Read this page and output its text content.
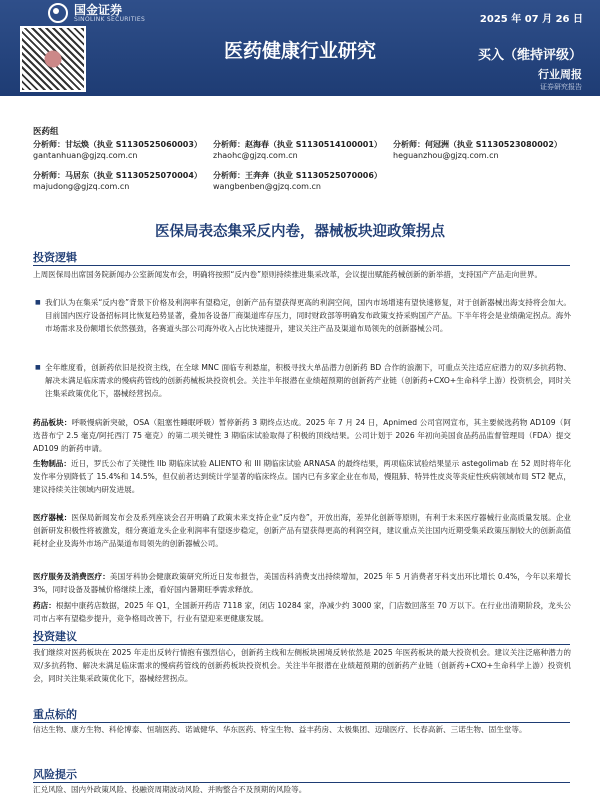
国金证券
SINOLINK SECURITIES	2025 年 07 月 26 日
医药健康行业研究	买入（维持评级）
行业周报
证券研究报告
医药组
分析师：甘坛焕（执业 S1130525060003）
gantanhuan@gjzq.com.cn
分析师：赵海春（执业 S1130514100001）
zhaohc@gjzq.com.cn
分析师：何冠洲（执业 S1130523080002）
heguanzhou@gjzq.com.cn
分析师：马居东（执业 S1130525070004）
majudong@gjzq.com.cn
分析师：王奔奔（执业 S1130525070006）
wangbenben@gjzq.com.cn
医保局表态集采反内卷，器械板块迎政策拐点
投资逻辑
上周医保局出席国务院新闻办公室新闻发布会，明确将按照“反内卷”原则持续推进集采改革，会议提出赋能药械创新的新举措，支持国产产品走向世界。
■ 我们认为在集采“反内卷”背景下价格及利润率有望稳定，创新产品有望获得更高的利润空间，国内市场增速有望快速修复，对于创新器械出海支持将会加大。目前国内医疗设备招标同比恢复趋势显著，叠加各设备厂商渠道库存压力，同时财政部等明确发布政策支持采购国产产品。下半年将会是业绩确定拐点。海外市场需求及份额增长依然强劲，各赛道头部公司海外收入占比快速提升，建议关注产品及渠道布局领先的创新器械公司。
■ 全年维度看，创新药依旧是投资主线，在全球 MNC 面临专利悬崖，积极寻找大单品潜力创新药 BD 合作的浪潮下，可重点关注适应症潜力的双/多抗药物、解决未满足临床需求的慢病药管线的创新药械板块投资机会。关注半年报潜在业绩超预期的创新药产业链（创新药+CXO+生命科学上游）投资机会，同时关注集采政策优化下，器械经营拐点。
药品板块：呼吸慢病新突破，OSA（阻塞性睡眠呼吸）暂停新药 3 期终点达成。2025 年 7 月 24 日，Apnimed 公司官网宣布，其主要候选药物 AD109（阿选普布宁 2.5 毫克/阿托西汀 75 毫克）的第二项关键性 3 期临床试验取得了积极的顶线结果。公司计划于 2026 年初向美国食品药品监督管理局（FDA）提交 AD109 的新药申请。
生物制品：近日，罗氏公布了关键性 IIb 期临床试验 ALIENTO 和 III 期临床试验 ARNASA 的最终结果，两项临床试验结果显示 astegolimab 在 52 周时将年化发作率分别降低了 15.4%和 14.5%，但仅前者达到统计学显著的临床终点。国内已有多家企业在布局，慢阻肺、特异性皮炎等炎症性疾病领域布局 ST2 靶点，建议持续关注领域内研发进展。
医疗器械：医保局新闻发布会及系列座谈会召开明确了政策未来支持企业“反内卷”，开放出海，差异化创新等原则，有利于未来医疗器械行业高质量发展。企业创新研发积极性将被激发，细分赛道龙头企业利润率有望逐步稳定，创新产品有望获得更高的利润空间，建议重点关注国内近期受集采政策压制较大的创新高值耗材企业及海外市场产品渠道布局领先的创新器械公司。
医疗服务及消费医疗：美国牙科协会健康政策研究所近日发布报告，美国齿科消费支出持续增加，2025 年 5 月消费者牙科支出环比增长 0.4%，今年以来增长 3%，同时设备及器械价格继续上涨，看好国内暑期旺季需求释放。
药店：根据中康药店数据，2025 年 Q1，全国新开药店 7118 家，闭店 10284 家，净减少约 3000 家，门店数回落至 70 万以下。在行业出清期阶段，龙头公司市占率有望稳步提升，竞争格局改善下，行业有望迎来更健康发展。
投资建议
我们继续对医药板块在 2025 年走出反转行情抱有强烈信心，创新药主线和左侧板块困境反转依然是 2025 年医药板块的最大投资机会。建议关注泛癌种潜力的双/多抗药物、解决未满足临床需求的慢病药管线的创新药板块投资机会。关注半年报潜在业绩超预期的创新药产业链（创新药+CXO+生命科学上游）投资机会，同时关注集采政策优化下，器械经营拐点。
重点标的
信达生物、康方生物、科伦博泰、恒瑞医药、诺诚健华、华东医药、特宝生物、益丰药房、太极集团、迈瑞医疗、长春高新、三诺生物、固生堂等。
风险提示
汇兑风险、国内外政策风险、投融资周期波动风险、并购整合不及预期的风险等。
